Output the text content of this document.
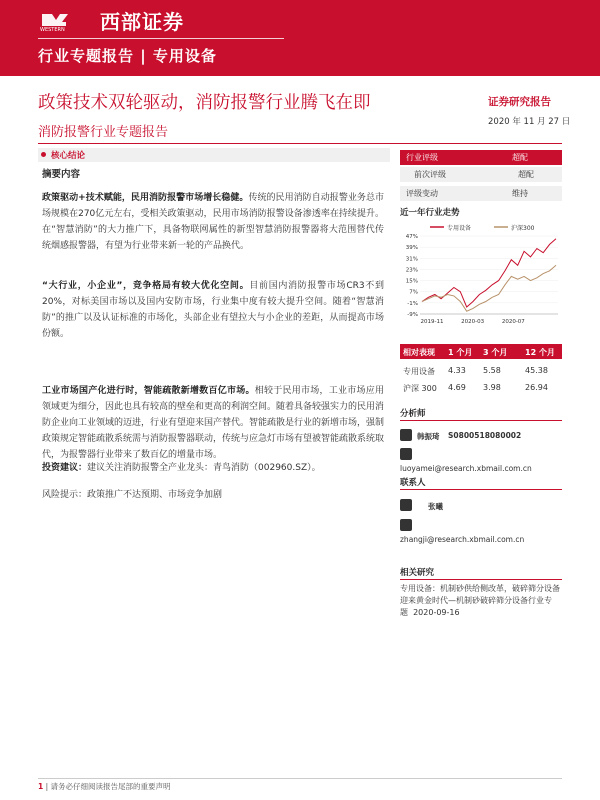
WESTERN 西部证券
行业专题报告 | 专用设备
政策技术双轮驱动，消防报警行业腾飞在即	证券研究报告
2020 年 11 月 27 日
消防报警行业专题报告
核心结论
摘要内容
政策驱动+技术赋能，民用消防报警市场增长稳健。传统的民用消防自动报警业务总市场规模在270亿元左右，受相关政策驱动，民用市场消防报警设备渗透率在持续提升。在“智慧消防”的大力推广下，具备物联网属性的新型智慧消防报警器将大范围替代传统烟感报警器，有望为行业带来新一轮的产品换代。
“大行业，小企业”，竞争格局有较大优化空间。目前国内消防报警市场CR3不到20%，对标美国市场以及国内安防市场，行业集中度有较大提升空间。随着“智慧消防”的推广以及认证标准的市场化，头部企业有望拉大与小企业的差距，从而提高市场份额。
工业市场国产化进行时，智能疏散新增数百亿市场。相较于民用市场，工业市场应用领域更为细分，因此也具有较高的壁垒和更高的利润空间。随着具备较强实力的民用消防企业向工业领域的迈进，行业有望迎来国产替代。智能疏散是行业的新增市场，强制政策规定智能疏散系统需与消防报警器联动，传统与应急灯市场有望被智能疏散系统取代，为报警器行业带来了数百亿的增量市场。
投资建议：建议关注消防报警全产业龙头：青鸟消防（002960.SZ）。
风险提示：政策推广不达预期、市场竞争加剧
行业评级	超配
前次评级	超配
评级变动	维持
近一年行业走势
专用设备	沪深300
47%
39%
31%
23%
15%
7%
-1%
-9%
2019-11	2020-03	2020-07
相对表现 1 个月 3 个月 12 个月
专用设备 4.33 5.58	45.38
沪深 300 4.69 3.98	26.94
分析师
韩振琦 S0800518080002
luoyamei@research.xbmail.com.cn
联系人
张曦
zhangji@research.xbmail.com.cn
相关研究
专用设备：机制砂供给侧改革，破碎筛分设备迎来黄金时代—机制砂破碎筛分设备行业专题 2020-09-16
1 | 请务必仔细阅读报告尾部的重要声明
